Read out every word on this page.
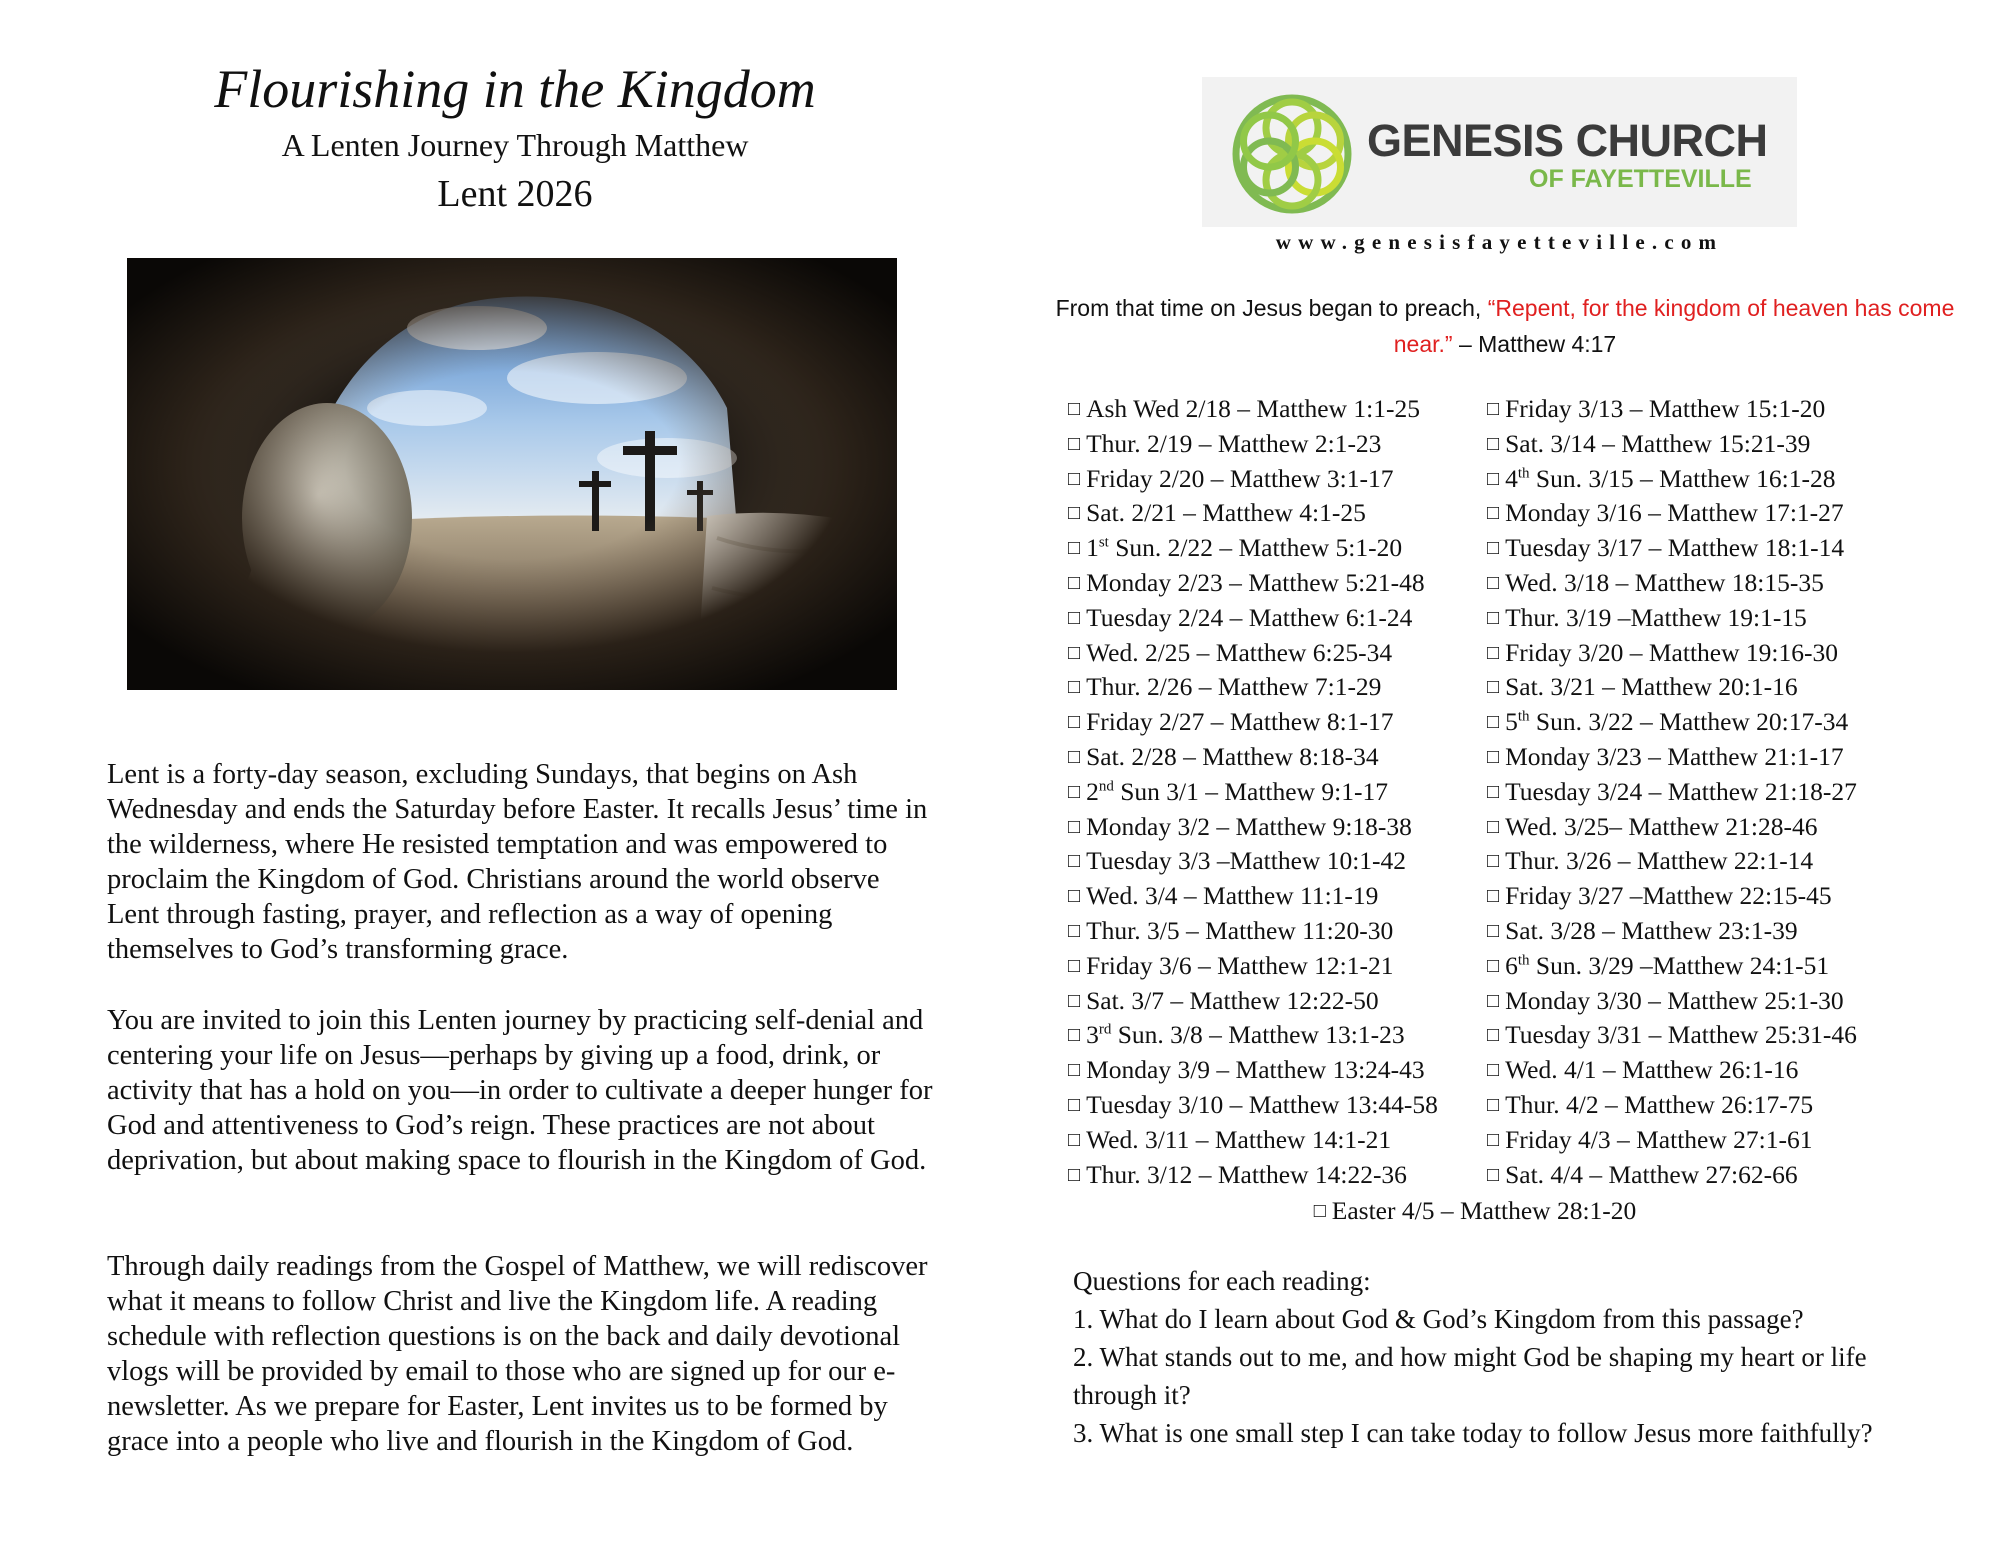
Flourishing in the Kingdom
A Lenten Journey Through Matthew
Lent 2026

Lent is a forty-day season, excluding Sundays, that begins on Ash Wednesday and ends the Saturday before Easter. It recalls Jesus’ time in the wilderness, where He resisted temptation and was empowered to proclaim the Kingdom of God. Christians around the world observe Lent through fasting, prayer, and reflection as a way of opening themselves to God’s transforming grace.

You are invited to join this Lenten journey by practicing self-denial and centering your life on Jesus—perhaps by giving up a food, drink, or activity that has a hold on you—in order to cultivate a deeper hunger for God and attentiveness to God’s reign. These practices are not about deprivation, but about making space to flourish in the Kingdom of God.

Through daily readings from the Gospel of Matthew, we will rediscover what it means to follow Christ and live the Kingdom life. A reading schedule with reflection questions is on the back and daily devotional vlogs will be provided by email to those who are signed up for our e-newsletter. As we prepare for Easter, Lent invites us to be formed by grace into a people who live and flourish in the Kingdom of God.

GENESIS CHURCH
OF FAYETTEVILLE
www.genesisfayetteville.com
From that time on Jesus began to preach, “Repent, for the kingdom of heaven has come near.” – Matthew 4:17
□ Ash Wed 2/18 – Matthew 1:1-25
□ Thur. 2/19 – Matthew 2:1-23
□ Friday 2/20 – Matthew 3:1-17
□ Sat. 2/21 – Matthew 4:1-25
□ 1st Sun. 2/22 – Matthew 5:1-20
□ Monday 2/23 – Matthew 5:21-48
□ Tuesday 2/24 – Matthew 6:1-24
□ Wed. 2/25 – Matthew 6:25-34
□ Thur. 2/26 – Matthew 7:1-29
□ Friday 2/27 – Matthew 8:1-17
□ Sat. 2/28 – Matthew 8:18-34
□ 2nd Sun 3/1 – Matthew 9:1-17
□ Monday 3/2 – Matthew 9:18-38
□ Tuesday 3/3 –Matthew 10:1-42
□ Wed. 3/4 – Matthew 11:1-19
□ Thur. 3/5 – Matthew 11:20-30
□ Friday 3/6 – Matthew 12:1-21
□ Sat. 3/7 – Matthew 12:22-50
□ 3rd Sun. 3/8 – Matthew 13:1-23
□ Monday 3/9 – Matthew 13:24-43
□ Tuesday 3/10 – Matthew 13:44-58
□ Wed. 3/11 – Matthew 14:1-21
□ Thur. 3/12 – Matthew 14:22-36
□ Friday 3/13 – Matthew 15:1-20
□ Sat. 3/14 – Matthew 15:21-39
□ 4th Sun. 3/15 – Matthew 16:1-28
□ Monday 3/16 – Matthew 17:1-27
□ Tuesday 3/17 – Matthew 18:1-14
□ Wed. 3/18 – Matthew 18:15-35
□ Thur. 3/19 –Matthew 19:1-15
□ Friday 3/20 – Matthew 19:16-30
□ Sat. 3/21 – Matthew 20:1-16
□ 5th Sun. 3/22 – Matthew 20:17-34
□ Monday 3/23 – Matthew 21:1-17
□ Tuesday 3/24 – Matthew 21:18-27
□ Wed. 3/25– Matthew 21:28-46
□ Thur. 3/26 – Matthew 22:1-14
□ Friday 3/27 –Matthew 22:15-45
□ Sat. 3/28 – Matthew 23:1-39
□ 6th Sun. 3/29 –Matthew 24:1-51
□ Monday 3/30 – Matthew 25:1-30
□ Tuesday 3/31 – Matthew 25:31-46
□ Wed. 4/1 – Matthew 26:1-16
□ Thur. 4/2 – Matthew 26:17-75
□ Friday 4/3 – Matthew 27:1-61
□ Sat. 4/4 – Matthew 27:62-66
□ Easter 4/5 – Matthew 28:1-20

Questions for each reading:

1. What do I learn about God & God’s Kingdom from this passage?

2. What stands out to me, and how might God be shaping my heart or life through it?

3. What is one small step I can take today to follow Jesus more faithfully?
